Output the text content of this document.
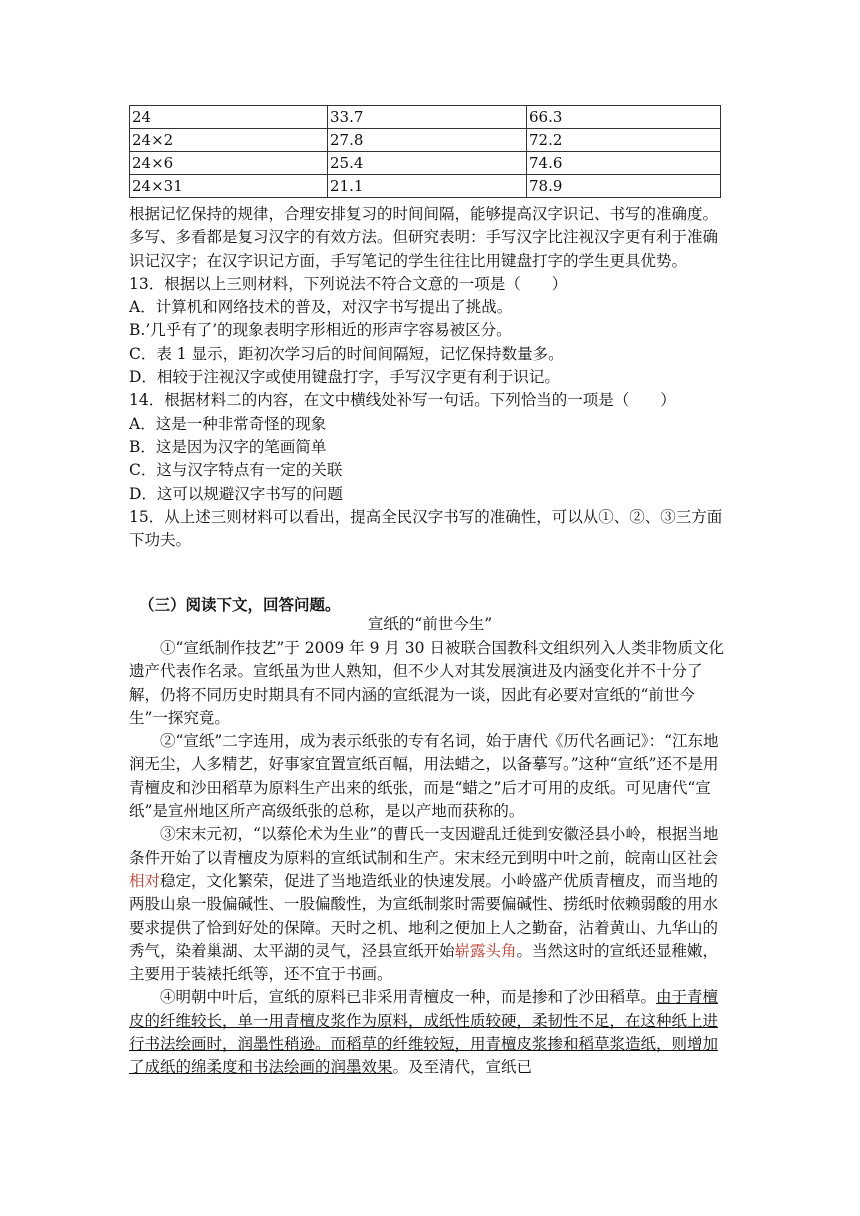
24	33.7	66.3
24×2	27.8	72.2
24×6	25.4	74.6
24×31	21.1	78.9

根据记忆保持的规律，合理安排复习的时间间隔，能够提高汉字识记、书写的准确度。多写、多看都是复习汉字的有效方法。但研究表明：手写汉字比注视汉字更有利于准确识记汉字；在汉字识记方面，手写笔记的学生往往比用键盘打字的学生更具优势。

13．根据以上三则材料，下列说法不符合文意的一项是（　　）

A．计算机和网络技术的普及，对汉字书写提出了挑战。

B.’几乎有了’的现象表明字形相近的形声字容易被区分。

C．表 1 显示，距初次学习后的时间间隔短，记忆保持数量多。

D．相较于注视汉字或使用键盘打字，手写汉字更有利于识记。

14．根据材料二的内容，在文中横线处补写一句话。下列恰当的一项是（　　）

A．这是一种非常奇怪的现象

B．这是因为汉字的笔画简单

C．这与汉字特点有一定的关联

D．这可以规避汉字书写的问题

15．从上述三则材料可以看出，提高全民汉字书写的准确性，可以从①、②、③三方面下功夫。

（三）阅读下文，回答问题。
宣纸的“前世今生”

①“宣纸制作技艺”于 2009 年 9 月 30 日被联合国教科文组织列入人类非物质文化遗产代表作名录。宣纸虽为世人熟知，但不少人对其发展演进及内涵变化并不十分了解，仍将不同历史时期具有不同内涵的宣纸混为一谈，因此有必要对宣纸的“前世今生”一探究竟。

②“宣纸”二字连用，成为表示纸张的专有名词，始于唐代《历代名画记》：“江东地润无尘，人多精艺，好事家宜置宣纸百幅，用法蜡之，以备摹写。”这种“宣纸”还不是用青檀皮和沙田稻草为原料生产出来的纸张，而是“蜡之”后才可用的皮纸。可见唐代“宣纸”是宣州地区所产高级纸张的总称，是以产地而获称的。

③宋末元初，“以蔡伦术为生业”的曹氏一支因避乱迁徙到安徽泾县小岭，根据当地条件开始了以青檀皮为原料的宣纸试制和生产。宋末经元到明中叶之前，皖南山区社会相对稳定，文化繁荣，促进了当地造纸业的快速发展。小岭盛产优质青檀皮，而当地的两股山泉一股偏碱性、一股偏酸性，为宣纸制浆时需要偏碱性、捞纸时依赖弱酸的用水要求提供了恰到好处的保障。天时之机、地利之便加上人之勤奋，沾着黄山、九华山的秀气，染着巢湖、太平湖的灵气，泾县宣纸开始崭露头角。当然这时的宣纸还显稚嫩，主要用于装裱托纸等，还不宜于书画。

④明朝中叶后，宣纸的原料已非采用青檀皮一种，而是掺和了沙田稻草。由于青檀皮的纤维较长，单一用青檀皮浆作为原料，成纸性质较硬，柔韧性不足，在这种纸上进行书法绘画时，润墨性稍逊。而稻草的纤维较短，用青檀皮浆掺和稻草浆造纸，则增加了成纸的绵柔度和书法绘画的润墨效果。及至清代，宣纸已
